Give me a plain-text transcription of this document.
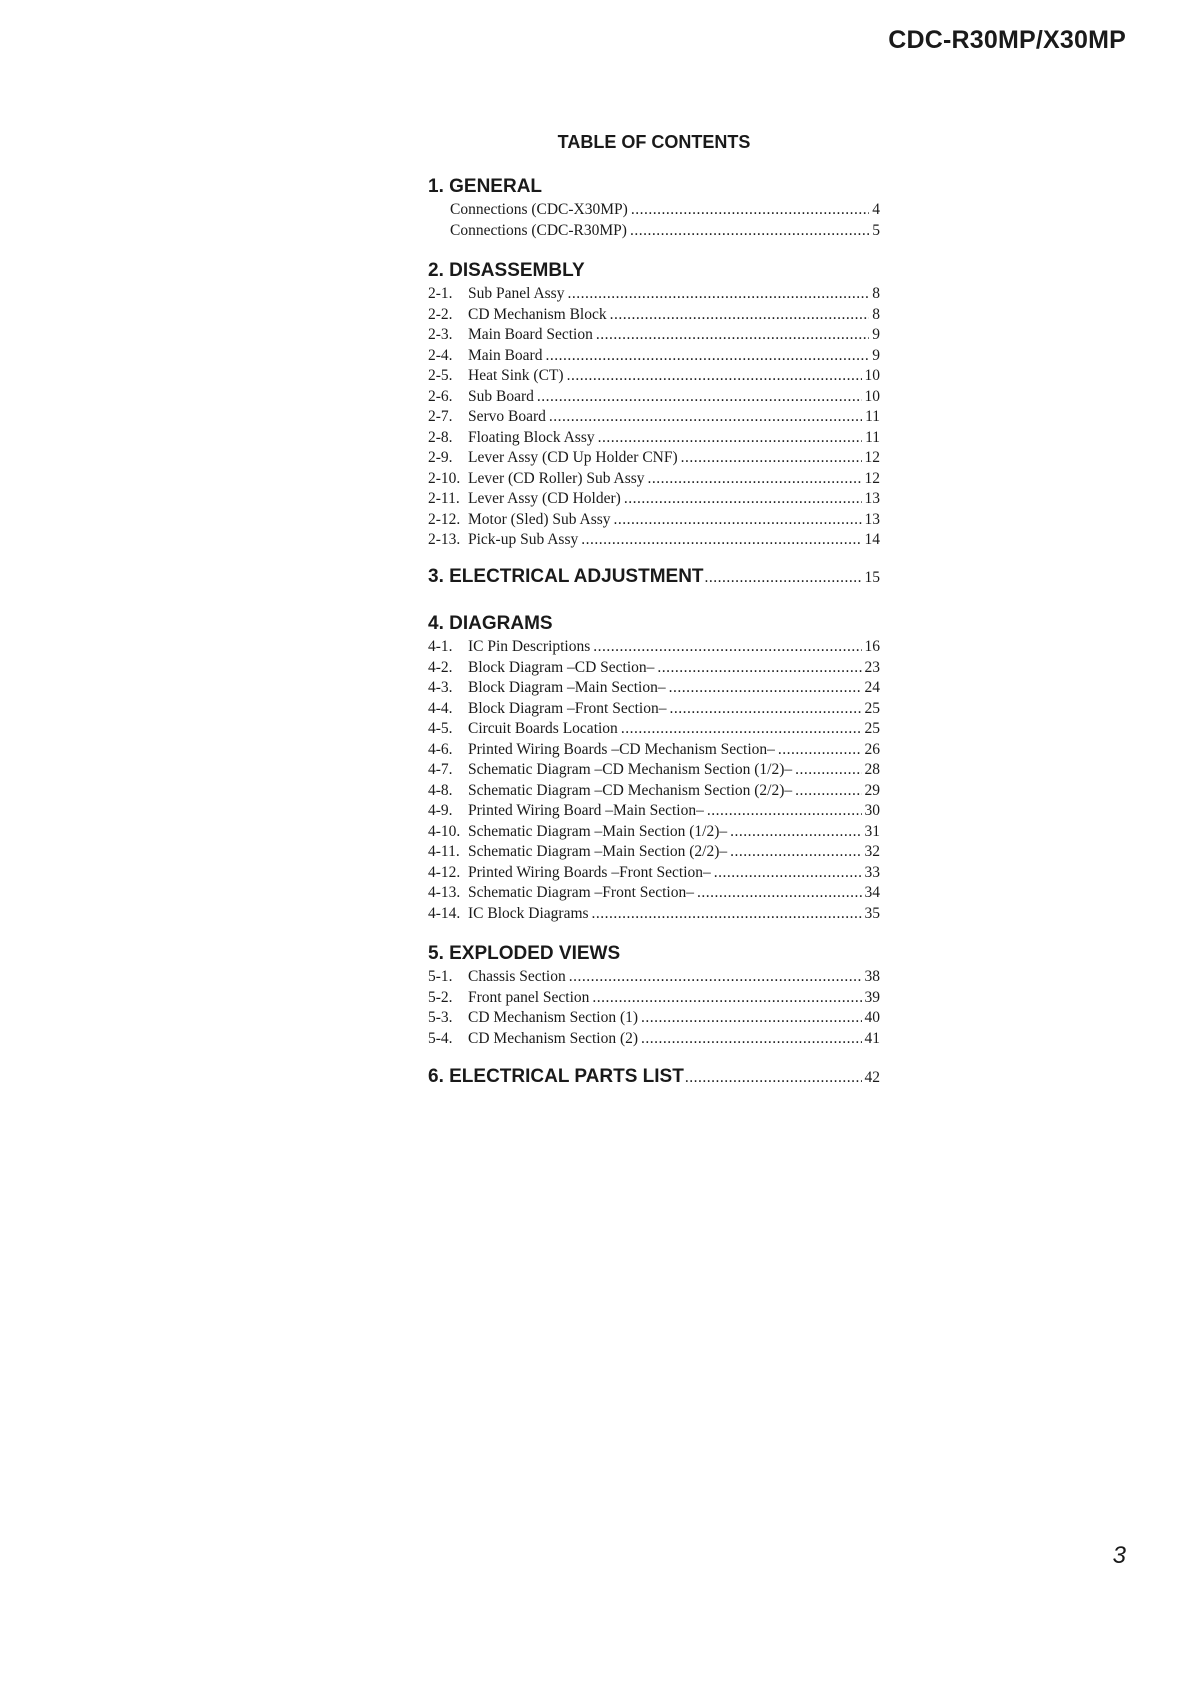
CDC-R30MP/X30MP
TABLE OF CONTENTS
1. GENERAL
Connections (CDC-X30MP) .....	4
Connections (CDC-R30MP) .....	5
2. DISASSEMBLY
2-1. Sub Panel Assy .....	8
2-2. CD Mechanism Block .....	8
2-3. Main Board Section .....	9
2-4. Main Board .....	9
2-5. Heat Sink (CT) .....	10
2-6. Sub Board .....	10
2-7. Servo Board .....	11
2-8. Floating Block Assy .....	11
2-9. Lever Assy (CD Up Holder CNF) .....	12
2-10. Lever (CD Roller) Sub Assy .....	12
2-11. Lever Assy (CD Holder) .....	13
2-12. Motor (Sled) Sub Assy .....	13
2-13. Pick-up Sub Assy .....	14
3. ELECTRICAL ADJUSTMENT .....	15
4. DIAGRAMS
4-1. IC Pin Descriptions .....	16
4-2. Block Diagram –CD Section– .....	23
4-3. Block Diagram –Main Section– .....	24
4-4. Block Diagram –Front Section– .....	25
4-5. Circuit Boards Location .....	25
4-6. Printed Wiring Boards –CD Mechanism Section– .....	26
4-7. Schematic Diagram –CD Mechanism Section (1/2)– .....	28
4-8. Schematic Diagram –CD Mechanism Section (2/2)– .....	29
4-9. Printed Wiring Board –Main Section– .....	30
4-10. Schematic Diagram –Main Section (1/2)– .....	31
4-11. Schematic Diagram –Main Section (2/2)– .....	32
4-12. Printed Wiring Boards –Front Section– .....	33
4-13. Schematic Diagram –Front Section– .....	34
4-14. IC Block Diagrams .....	35
5. EXPLODED VIEWS
5-1. Chassis Section .....	38
5-2. Front panel Section .....	39
5-3. CD Mechanism Section (1) .....	40
5-4. CD Mechanism Section (2) .....	41
6. ELECTRICAL PARTS LIST .....	42
3
